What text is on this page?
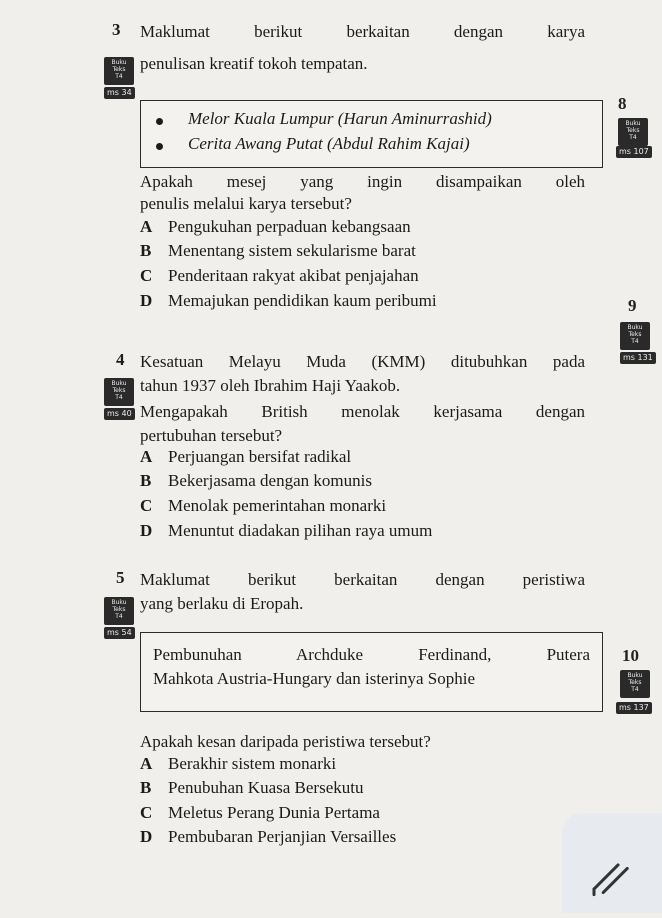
3 Maklumat berikut berkaitan dengan karya
Buku
Teks
T4
penulisan kreatif tokoh tempatan.
ms 34
Melor Kuala Lumpur (Harun Aminurrashid)
Cerita Awang Putat (Abdul Rahim Kajai)
Apakah mesej yang ingin disampaikan oleh
penulis melalui karya tersebut?
A Pengukuhan perpaduan kebangsaan
B Menentang sistem sekularisme barat
C Penderitaan rakyat akibat penjajahan
D Memajukan pendidikan kaum peribumi
4 Kesatuan Melayu Muda (KMM) ditubuhkan pada
Buku
Teks
T4
tahun 1937 oleh Ibrahim Haji Yaakob.
ms 40 Mengapakah British menolak kerjasama dengan
pertubuhan tersebut?
A Perjuangan bersifat radikal
B Bekerjasama dengan komunis
C Menolak pemerintahan monarki
D Menuntut diadakan pilihan raya umum
5 Maklumat berikut berkaitan dengan peristiwa
Buku
Teks
T4
yang berlaku di Eropah.
ms 54
Pembunuhan Archduke Ferdinand, Putera
Mahkota Austria-Hungary dan isterinya Sophie
Apakah kesan daripada peristiwa tersebut?
A Berakhir sistem monarki
B Penubuhan Kuasa Bersekutu
C Meletus Perang Dunia Pertama
D Pembubaran Perjanjian Versailles
8
Buku
Teks
T4
ms 107
9
Buku
Teks
T4
ms 131
10
Buku
Teks
T4
ms 137
